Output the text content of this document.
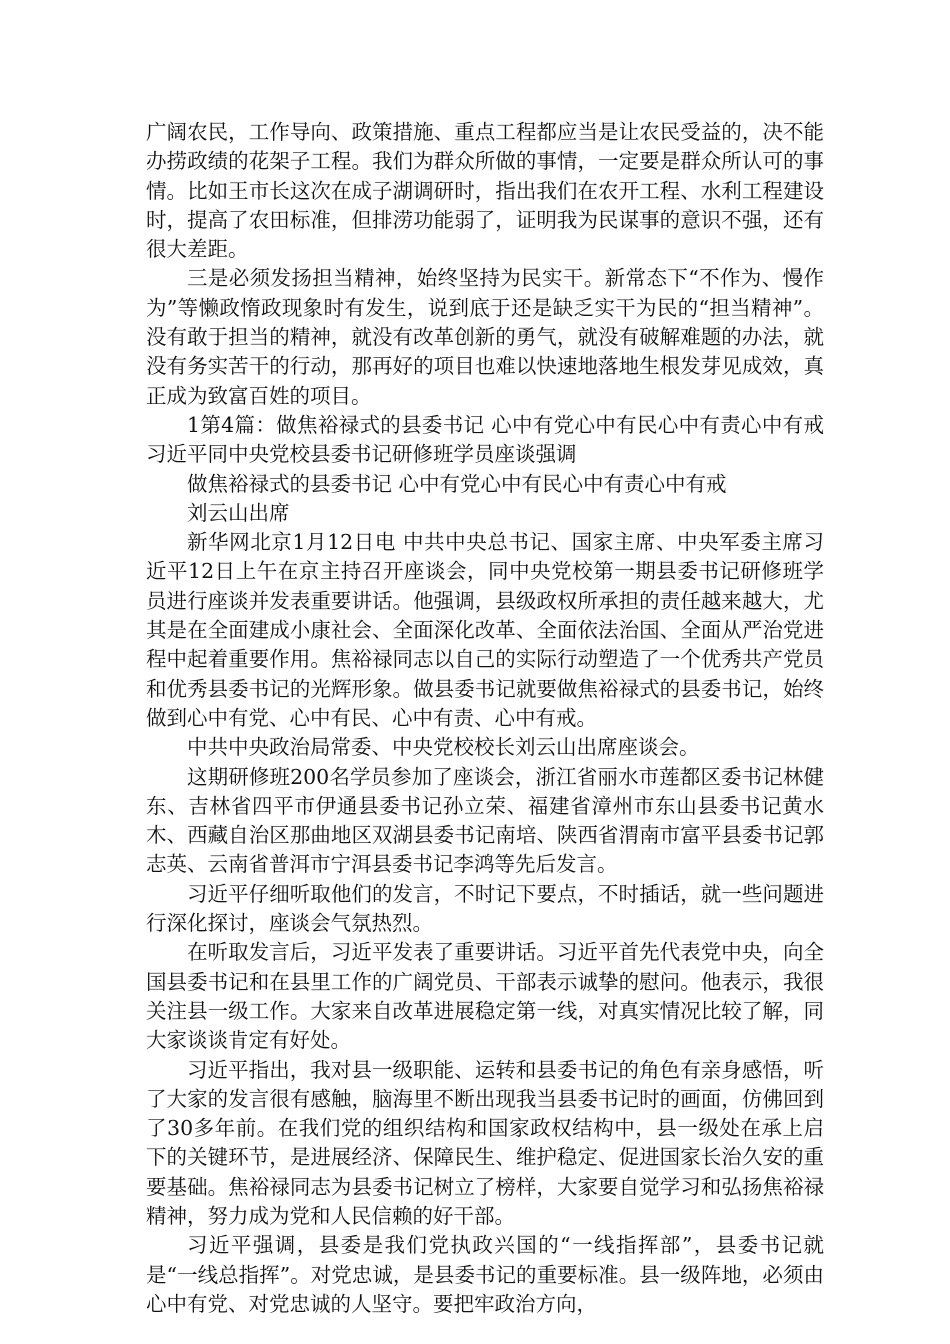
广阔农民，工作导向、政策措施、重点工程都应当是让农民受益的，决不能办捞政绩的花架子工程。我们为群众所做的事情，一定要是群众所认可的事情。比如王市长这次在成子湖调研时，指出我们在农开工程、水利工程建设时，提高了农田标准，但排涝功能弱了，证明我为民谋事的意识不强，还有很大差距。

三是必须发扬担当精神，始终坚持为民实干。新常态下“不作为、慢作为”等懒政惰政现象时有发生，说到底于还是缺乏实干为民的“担当精神”。没有敢于担当的精神，就没有改革创新的勇气，就没有破解难题的办法，就没有务实苦干的行动，那再好的项目也难以快速地落地生根发芽见成效，真正成为致富百姓的项目。

1第4篇：做焦裕禄式的县委书记 心中有党心中有民心中有责心中有戒习近平同中央党校县委书记研修班学员座谈强调

做焦裕禄式的县委书记 心中有党心中有民心中有责心中有戒

刘云山出席

新华网北京1月12日电 中共中央总书记、国家主席、中央军委主席习近平12日上午在京主持召开座谈会，同中央党校第一期县委书记研修班学员进行座谈并发表重要讲话。他强调，县级政权所承担的责任越来越大，尤其是在全面建成小康社会、全面深化改革、全面依法治国、全面从严治党进程中起着重要作用。焦裕禄同志以自己的实际行动塑造了一个优秀共产党员和优秀县委书记的光辉形象。做县委书记就要做焦裕禄式的县委书记，始终做到心中有党、心中有民、心中有责、心中有戒。

中共中央政治局常委、中央党校校长刘云山出席座谈会。

这期研修班200名学员参加了座谈会，浙江省丽水市莲都区委书记林健东、吉林省四平市伊通县委书记孙立荣、福建省漳州市东山县委书记黄水木、西藏自治区那曲地区双湖县委书记南培、陕西省渭南市富平县委书记郭志英、云南省普洱市宁洱县委书记李鸿等先后发言。

习近平仔细听取他们的发言，不时记下要点，不时插话，就一些问题进行深化探讨，座谈会气氛热烈。

在听取发言后，习近平发表了重要讲话。习近平首先代表党中央，向全国县委书记和在县里工作的广阔党员、干部表示诚挚的慰问。他表示，我很关注县一级工作。大家来自改革进展稳定第一线，对真实情况比较了解，同大家谈谈肯定有好处。

习近平指出，我对县一级职能、运转和县委书记的角色有亲身感悟，听了大家的发言很有感触，脑海里不断出现我当县委书记时的画面，仿佛回到了30多年前。在我们党的组织结构和国家政权结构中，县一级处在承上启下的关键环节，是进展经济、保障民生、维护稳定、促进国家长治久安的重要基础。焦裕禄同志为县委书记树立了榜样，大家要自觉学习和弘扬焦裕禄精神，努力成为党和人民信赖的好干部。

习近平强调，县委是我们党执政兴国的“一线指挥部”，县委书记就是“一线总指挥”。对党忠诚，是县委书记的重要标准。县一级阵地，必须由心中有党、对党忠诚的人坚守。要把牢政治方向，
